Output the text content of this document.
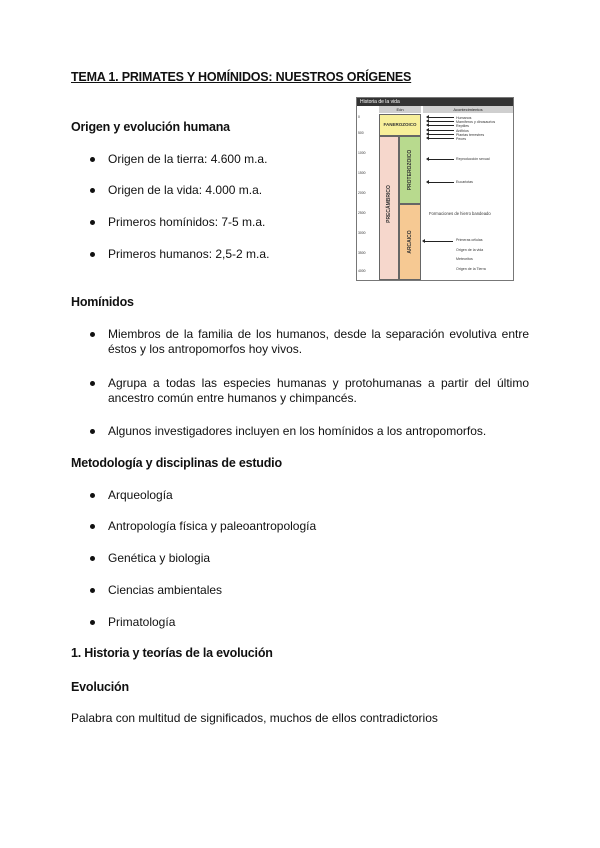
TEMA 1. PRIMATES Y HOMÍNIDOS: NUESTROS ORÍGENES
Origen y evolución humana
Origen de la tierra: 4.600 m.a.
Origen de la vida: 4.000 m.a.
Primeros homínidos: 7-5 m.a.
Primeros humanos: 2,5-2 m.a.
Historia de la vida
Eón	Acontecimientos
0
500
1000
1500
2000
2500
3000
3500
4000
FANEROZOICO
PRECÁMBRICO
PROTEROZOICO
ARCAICO
Humanos
Mamíferos y dinosaurios
Reptiles
Anfibios
Plantas terrestres
Peces
Reproducción sexual
Eucariotas
Formaciones de hierro bandeado
Primeras células
Origen de la vida
Meteoritos
Origen de la Tierra
Homínidos
Miembros de la familia de los humanos, desde la separación evolutiva entre éstos y los antropomorfos hoy vivos.
Agrupa a todas las especies humanas y protohumanas a partir del último ancestro común entre humanos y chimpancés.
Algunos investigadores incluyen en los homínidos a los antropomorfos.
Metodología y disciplinas de estudio
Arqueología
Antropología física y paleoantropología
Genética y biologia
Ciencias ambientales
Primatología
1. Historia y teorías de la evolución
Evolución
Palabra con multitud de significados, muchos de ellos contradictorios
